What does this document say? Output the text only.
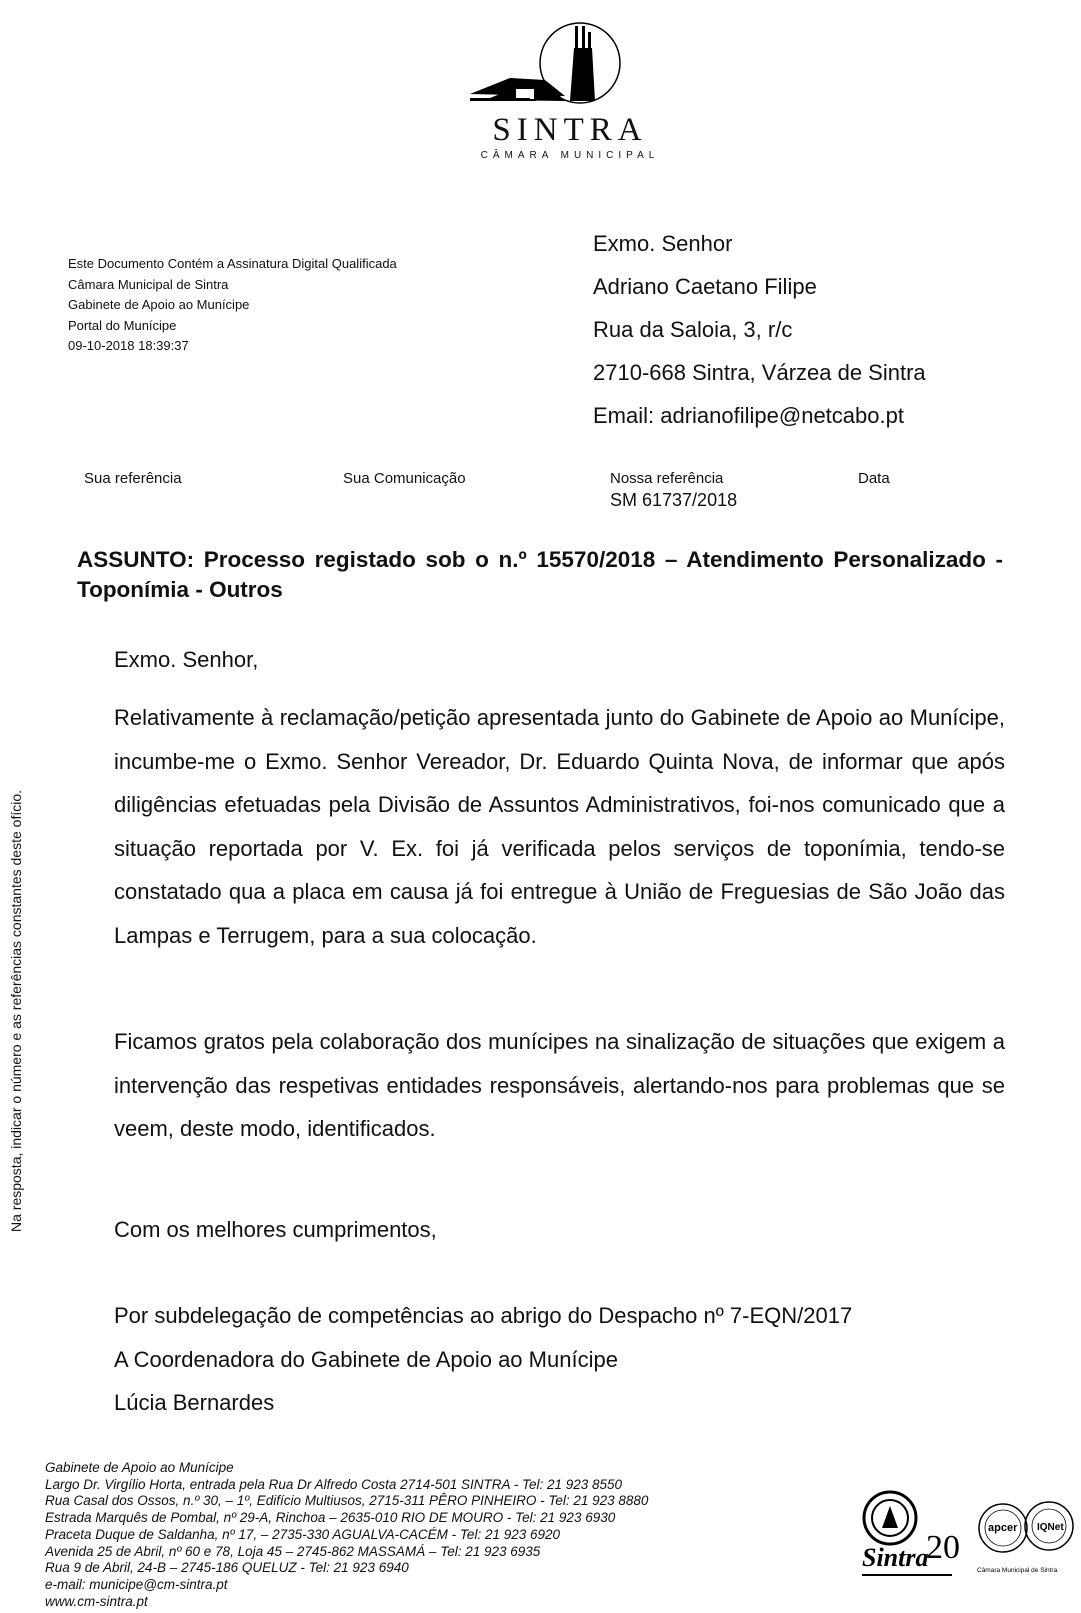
SINTRA
CÂMARA MUNICIPAL
Este Documento Contém a Assinatura Digital Qualificada
Câmara Municipal de Sintra
Gabinete de Apoio ao Munícipe
Portal do Munícipe
09-10-2018 18:39:37
Exmo. Senhor
Adriano Caetano Filipe
Rua da Saloia, 3, r/c
2710-668 Sintra, Várzea de Sintra
Email: adrianofilipe@netcabo.pt
Sua referência	Sua Comunicação	Nossa referência
SM 61737/2018
Data
ASSUNTO: Processo registado sob o n.º 15570/2018 – Atendimento Personalizado - Toponímia - Outros
Exmo. Senhor,

Relativamente à reclamação/petição apresentada junto do Gabinete de Apoio ao Munícipe, incumbe-me o Exmo. Senhor Vereador, Dr. Eduardo Quinta Nova, de informar que após diligências efetuadas pela Divisão de Assuntos Administrativos, foi-nos comunicado que a situação reportada por V. Ex. foi já verificada pelos serviços de toponímia, tendo-se constatado qua a placa em causa já foi entregue à União de Freguesias de São João das Lampas e Terrugem, para a sua colocação.

Ficamos gratos pela colaboração dos munícipes na sinalização de situações que exigem a intervenção das respetivas entidades responsáveis, alertando-nos para problemas que se veem, deste modo, identificados.

Com os melhores cumprimentos,
Por subdelegação de competências ao abrigo do Despacho nº 7-EQN/2017
A Coordenadora do Gabinete de Apoio ao Munícipe
Lúcia Bernardes
Na resposta, indicar o número e as referências constantes deste ofício.
Gabinete de Apoio ao Munícipe
Largo Dr. Virgílio Horta, entrada pela Rua Dr Alfredo Costa 2714-501 SINTRA - Tel: 21 923 8550
Rua Casal dos Ossos, n.º 30, – 1º, Edifício Multiusos, 2715-311 PÊRO PINHEIRO - Tel: 21 923 8880
Estrada Marquês de Pombal, nº 29-A, Rinchoa – 2635-010 RIO DE MOURO - Tel: 21 923 6930
Praceta Duque de Saldanha, nº 17, – 2735-330 AGUALVA-CACÉM - Tel: 21 923 6920
Avenida 25 de Abril, nº 60 e 78, Loja 45 – 2745-862 MASSAMÁ – Tel: 21 923 6935
Rua 9 de Abril, 24-B – 2745-186 QUELUZ - Tel: 21 923 6940
e-mail: municipe@cm-sintra.pt
www.cm-sintra.pt
Sintra
20
apcer IQNet
Câmara Municipal de Sintra
